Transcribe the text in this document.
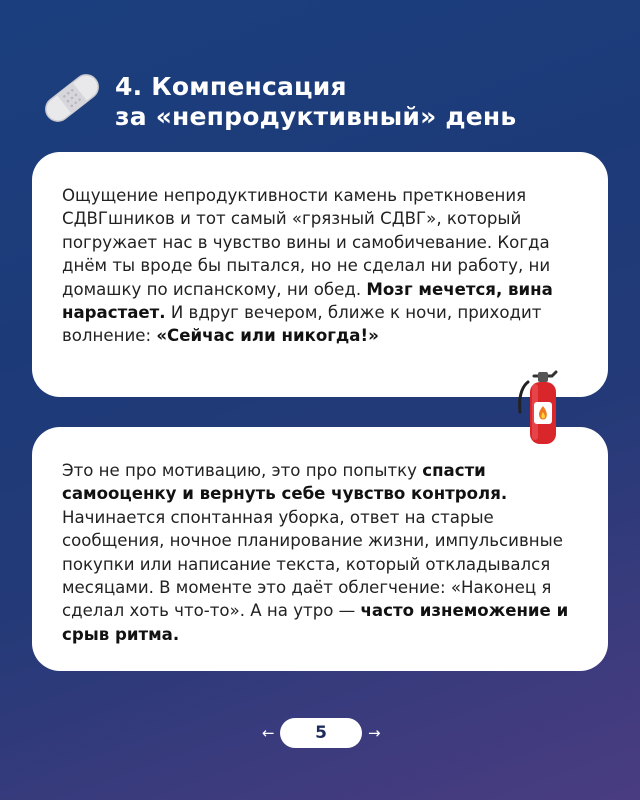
4. Компенсация
за «непродуктивный» день

Ощущение непродуктивности камень преткновения СДВГшников и тот самый «грязный СДВГ», который погружает нас в чувство вины и самобичевание. Когда днём ты вроде бы пытался, но не сделал ни работу, ни домашку по испанскому, ни обед. Мозг мечется, вина нарастает. И вдруг вечером, ближе к ночи, приходит волнение: «Сейчас или никогда!»

Это не про мотивацию, это про попытку спасти самооценку и вернуть себе чувство контроля. Начинается спонтанная уборка, ответ на старые сообщения, ночное планирование жизни, импульсивные покупки или написание текста, который откладывался месяцами. В моменте это даёт облегчение: «Наконец я сделал хоть что-то». А на утро — часто изнеможение и срыв ритма.

←	5	→
